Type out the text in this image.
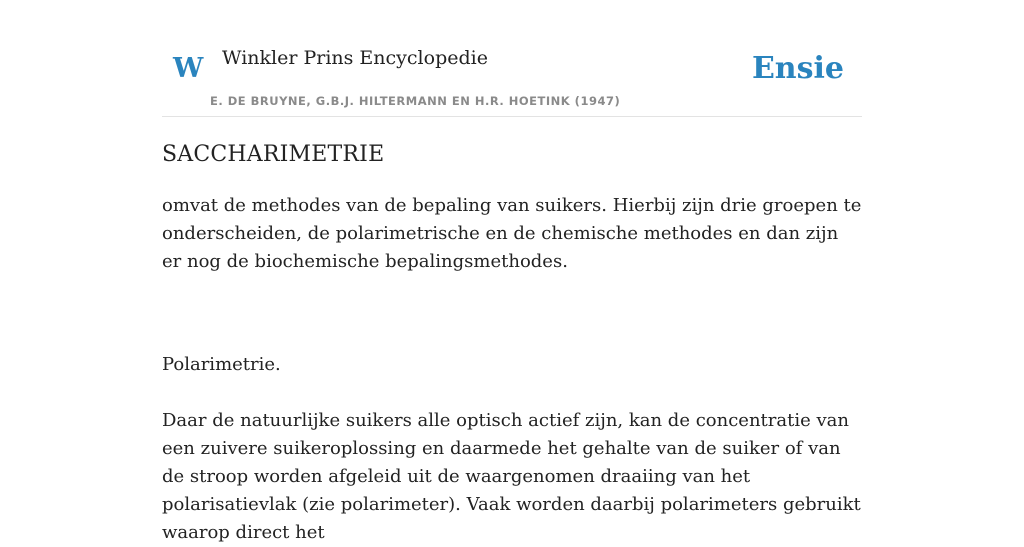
W Winkler Prins Encyclopedie
E. DE BRUYNE, G.B.J. HILTERMANN EN H.R. HOETINK (1947)
Ensie
SACCHARIMETRIE

omvat de methodes van de bepaling van suikers. Hierbij zijn drie groepen te onderscheiden, de polarimetrische en de chemische methodes en dan zijn er nog de biochemische bepalingsmethodes.

Polarimetrie.

Daar de natuurlijke suikers alle optisch actief zijn, kan de concentratie van een zuivere suikeroplossing en daarmede het gehalte van de suiker of van de stroop worden afgeleid uit de waargenomen draaiing van het polarisatievlak (zie polarimeter). Vaak worden daarbij polarimeters gebruikt waarop direct het
